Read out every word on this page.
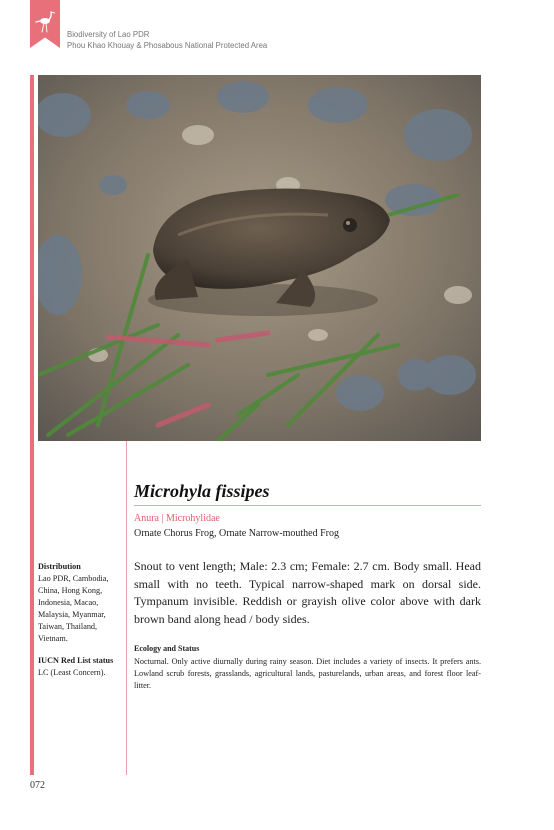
Biodiversity of Lao PDR
Phou Khao Khouay & Phosabous National Protected Area
Microhyla fissipes
Anura | Microhylidae
Ornate Chorus Frog, Ornate Narrow-mouthed Frog
Snout to vent length; Male: 2.3 cm; Female: 2.7 cm. Body small. Head small with no teeth. Typical narrow-shaped mark on dorsal side. Tympanum invisible. Reddish or grayish olive color above with dark brown band along head / body sides.
Ecology and Status
Nocturnal. Only active diurnally during rainy season. Diet includes a variety of insects. It prefers ants. Lowland scrub forests, grasslands, agricultural lands, pasturelands, urban areas, and forest floor leaf-litter.
Distribution
Lao PDR, Cambodia, China, Hong Kong, Indonesia, Macao, Malaysia, Myanmar, Taiwan, Thailand, Vietnam.
IUCN Red List status
LC (Least Concern).
072
